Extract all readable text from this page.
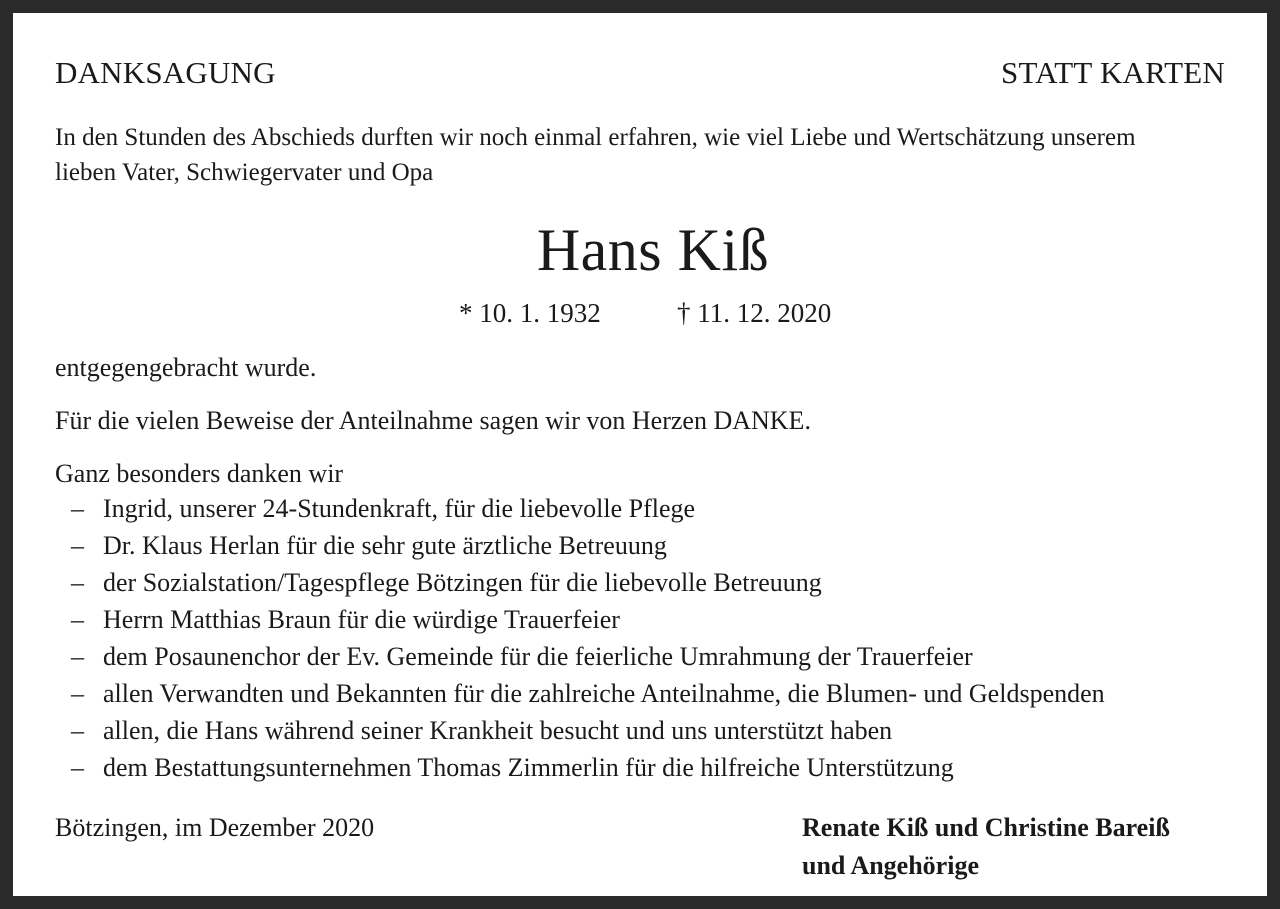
DANKSAGUNG	STATT KARTEN
In den Stunden des Abschieds durften wir noch einmal erfahren, wie viel Liebe und Wertschätzung unserem
lieben Vater, Schwiegervater und Opa
Hans Kiß
* 10. 1. 1932	† 11. 12. 2020
entgegengebracht wurde.
Für die vielen Beweise der Anteilnahme sagen wir von Herzen DANKE.
Ganz besonders danken wir
– Ingrid, unserer 24-Stundenkraft, für die liebevolle Pflege
– Dr. Klaus Herlan für die sehr gute ärztliche Betreuung
– der Sozialstation/Tagespflege Bötzingen für die liebevolle Betreuung
– Herrn Matthias Braun für die würdige Trauerfeier
– dem Posaunenchor der Ev. Gemeinde für die feierliche Umrahmung der Trauerfeier
– allen Verwandten und Bekannten für die zahlreiche Anteilnahme, die Blumen- und Geldspenden
– allen, die Hans während seiner Krankheit besucht und uns unterstützt haben
– dem Bestattungsunternehmen Thomas Zimmerlin für die hilfreiche Unterstützung
Bötzingen, im Dezember 2020	Renate Kiß und Christine Bareiß
und Angehörige
